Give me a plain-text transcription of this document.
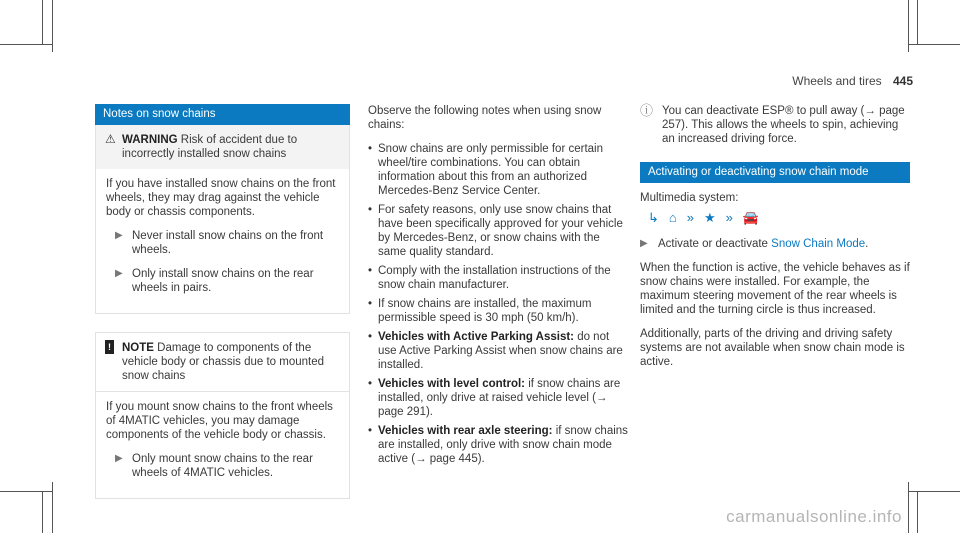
Wheels and tires 445
Notes on snow chains
⚠ WARNING Risk of accident due to incorrectly installed snow chains

If you have installed snow chains on the front wheels, they may drag against the vehicle body or chassis components.

▶ Never install snow chains on the front wheels.
▶ Only install snow chains on the rear wheels in pairs.
! NOTE Damage to components of the vehicle body or chassis due to mounted snow chains

If you mount snow chains to the front wheels of 4MATIC vehicles, you may damage components of the vehicle body or chassis.

▶ Only mount snow chains to the rear wheels of 4MATIC vehicles.

Observe the following notes when using snow chains:

• Snow chains are only permissible for certain wheel/tire combinations. You can obtain information about this from an authorized Mercedes-Benz Service Center.
• For safety reasons, only use snow chains that have been specifically approved for your vehicle by Mercedes-Benz, or snow chains with the same quality standard.
• Comply with the installation instructions of the snow chain manufacturer.
• If snow chains are installed, the maximum permissible speed is 30 mph (50 km/h).
• Vehicles with Active Parking Assist: do not use Active Parking Assist when snow chains are installed.
• Vehicles with level control: if snow chains are installed, only drive at raised vehicle level (→ page 291).
• Vehicles with rear axle steering: if snow chains are installed, only drive with snow chain mode active (→ page 445).
ⓘ You can deactivate ESP® to pull away (→ page 257). This allows the wheels to spin, achieving an increased driving force.
Activating or deactivating snow chain mode
Multimedia system:
↳ ⌂ » ★ » 🚘
▶ Activate or deactivate Snow Chain Mode.

When the function is active, the vehicle behaves as if snow chains were installed. For example, the maximum steering movement of the rear wheels is limited and the turning circle is thus increased.

Additionally, parts of the driving and driving safety systems are not available when snow chain mode is active.

carmanualsonline.info
